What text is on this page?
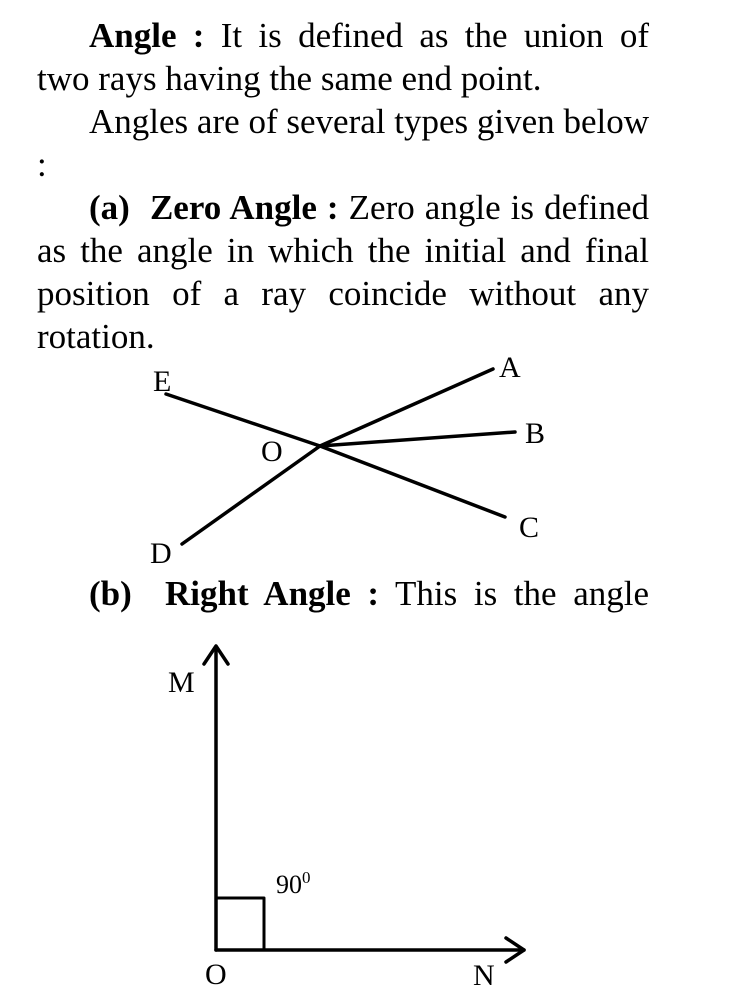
Angle : It is defined as the union of two rays having the same end point.

Angles are of several types given below :

(a) Zero Angle : Zero angle is defined as the angle in which the initial and final position of a ray coincide without any rotation.

A
B
C
D
E
O
M
N
O
$90^0$

(b) Right Angle : This is the angle
